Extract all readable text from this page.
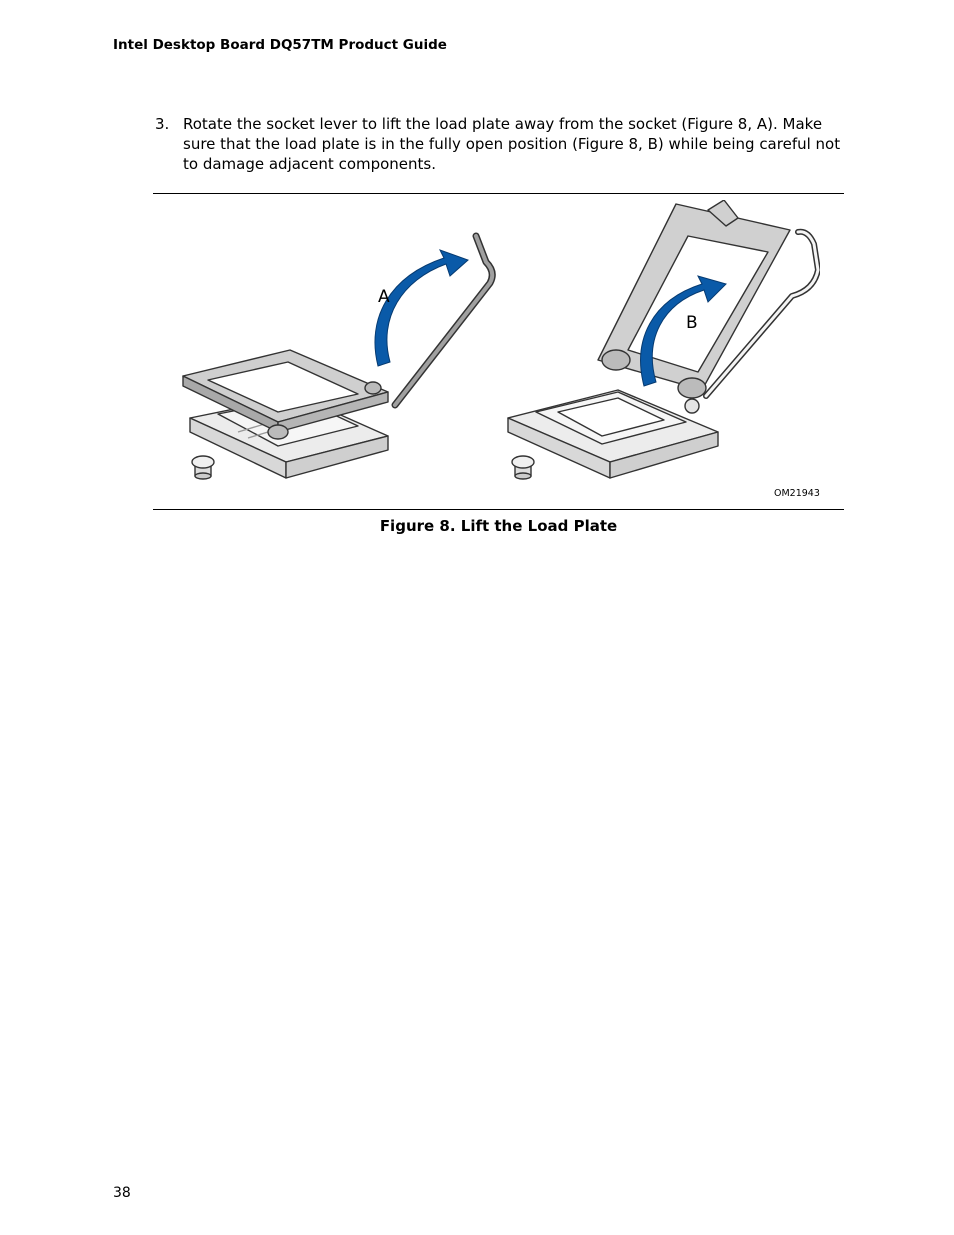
Intel Desktop Board DQ57TM Product Guide
3. Rotate the socket lever to lift the load plate away from the socket (Figure 8, A). Make sure that the load plate is in the fully open position (Figure 8, B) while being careful not to damage adjacent components.
A
B
OM21943
Figure 8. Lift the Load Plate
38
